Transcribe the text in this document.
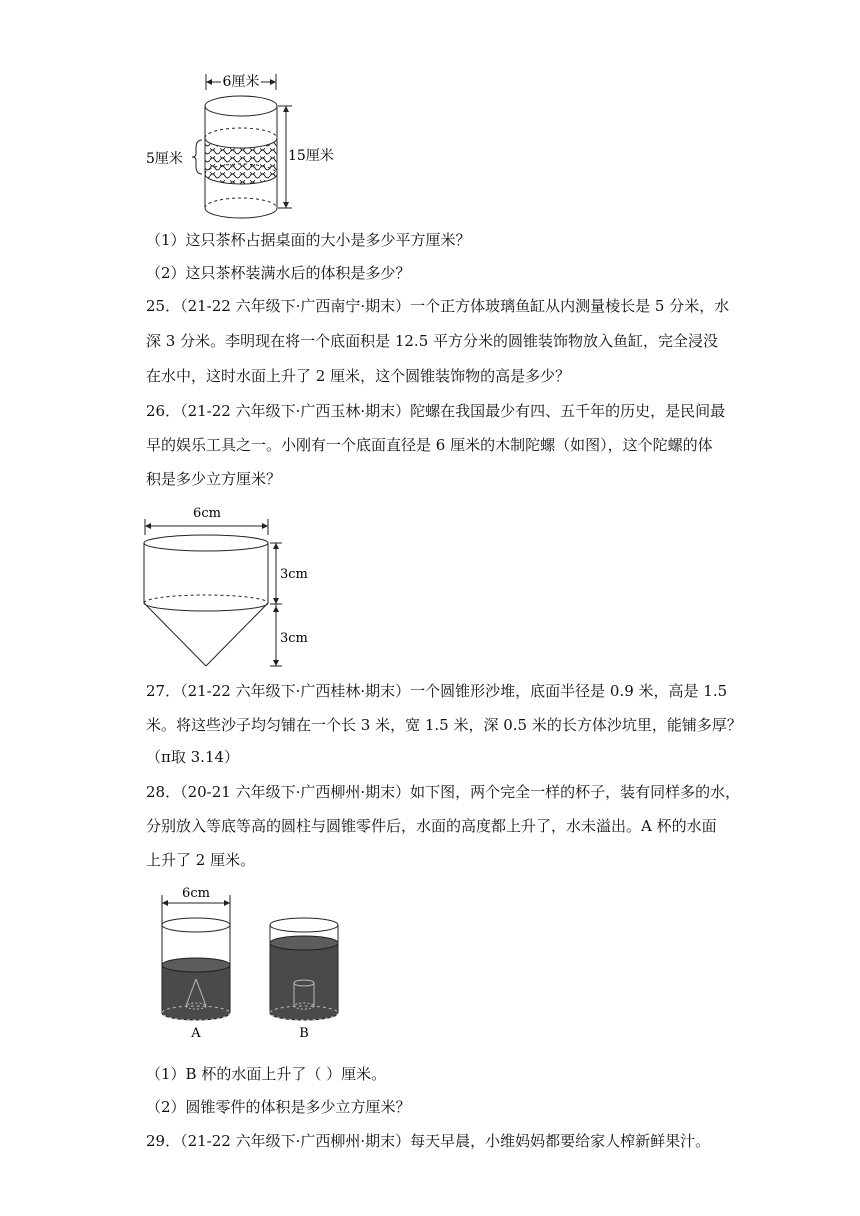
6厘米
5厘米	15厘米
（1）这只茶杯占据桌面的大小是多少平方厘米？
（2）这只茶杯装满水后的体积是多少？
25．（21-22 六年级下·广西南宁·期末）一个正方体玻璃鱼缸从内测量棱长是 5 分米，水
深 3 分米。李明现在将一个底面积是 12.5 平方分米的圆锥装饰物放入鱼缸，完全浸没
在水中，这时水面上升了 2 厘米，这个圆锥装饰物的高是多少？
26．（21-22 六年级下·广西玉林·期末）陀螺在我国最少有四、五千年的历史，是民间最
早的娱乐工具之一。小刚有一个底面直径是 6 厘米的木制陀螺（如图），这个陀螺的体
积是多少立方厘米？
6cm
3cm
3cm
27．（21-22 六年级下·广西桂林·期末）一个圆锥形沙堆，底面半径是 0.9 米，高是 1.5
米。将这些沙子均匀铺在一个长 3 米，宽 1.5 米，深 0.5 米的长方体沙坑里，能铺多厚？
（π取 3.14）
28．（20-21 六年级下·广西柳州·期末）如下图，两个完全一样的杯子，装有同样多的水，
分别放入等底等高的圆柱与圆锥零件后，水面的高度都上升了，水未溢出。A 杯的水面
上升了 2 厘米。
6cm
A	B
（1）B 杯的水面上升了（ ）厘米。
（2）圆锥零件的体积是多少立方厘米？
29．（21-22 六年级下·广西柳州·期末）每天早晨，小维妈妈都要给家人榨新鲜果汁。
